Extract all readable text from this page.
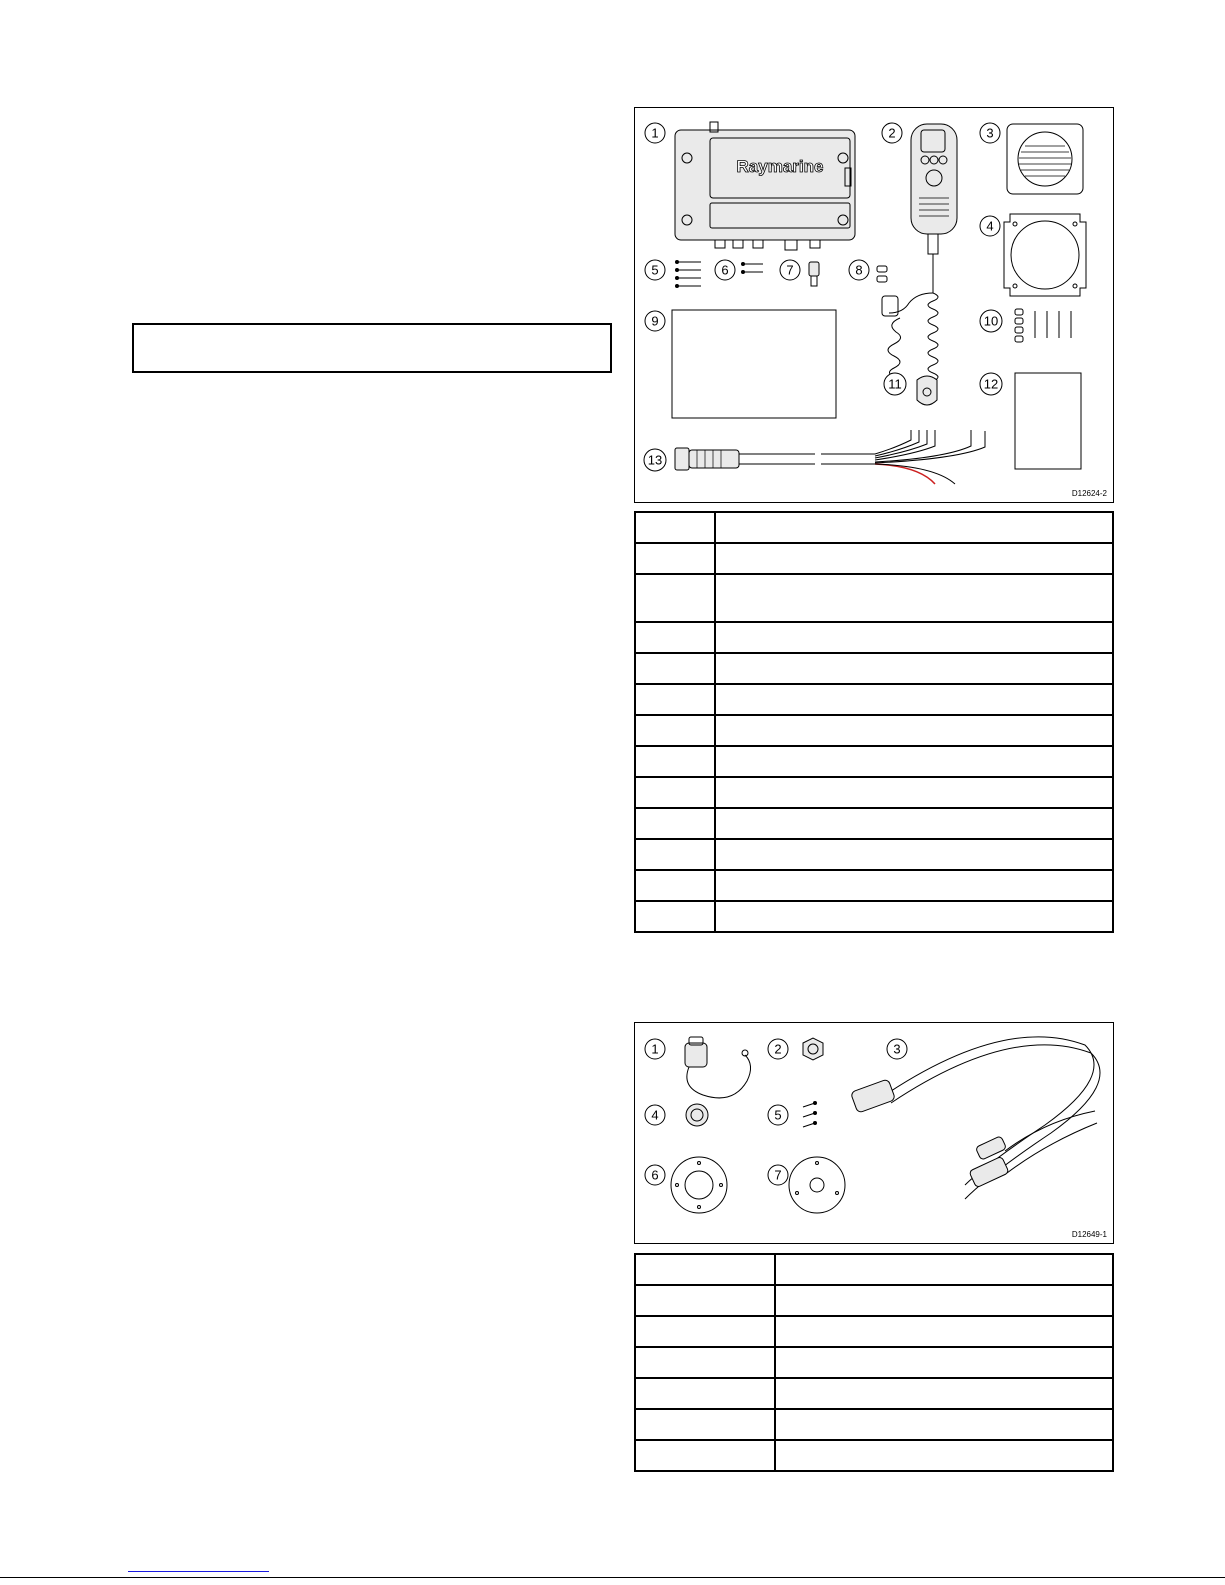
Raymarine
1	2	3
4
5	6	7	8
9	10
11	12
13
D12624-2

1	2	3
4	5
6	7
D12649-1
